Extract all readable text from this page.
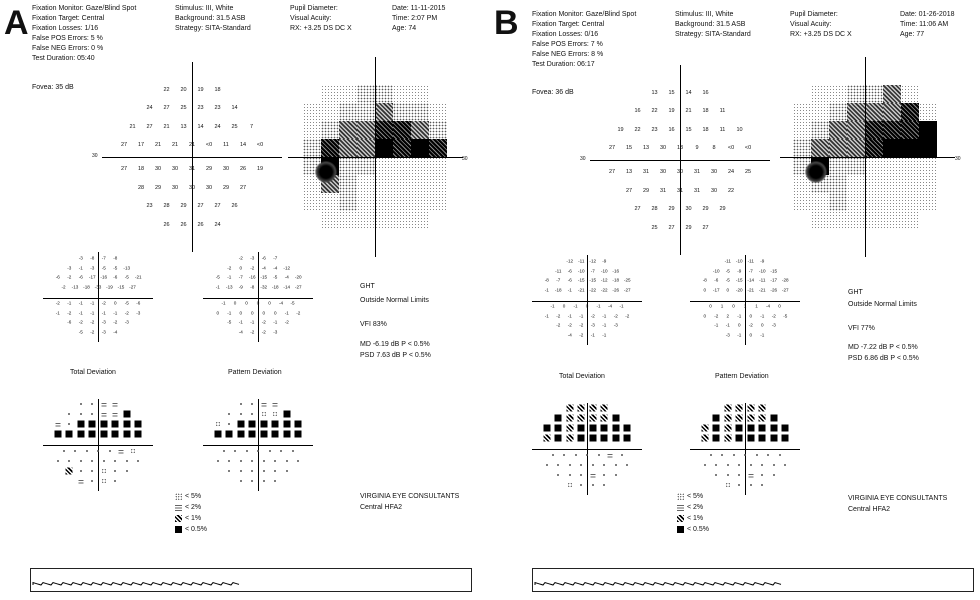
A Fixation Monitor: Gaze/Blind Spot
Fixation Target: Central
Fixation Losses: 1/16
False POS Errors: 5 %
False NEG Errors: 0 %
Test Duration: 05:40
Stimulus: III, White
Background: 31.5 ASB
Strategy: SITA-Standard
Pupil Diameter:
Visual Acuity:
RX: +3.25 DS DC X
Date: 11-11-2015
Time: 2:07 PM
Age: 74
Fovea: 35 dB
30
22 20 19 18
24 27 25 23 23 14
21 27 21 13 14 24 25 7
27 17 21 21 21 <0 11 14 <0
27 18 30 30 31 29 30 26 19
28 29 30 30 30 29 27
23 28 29 27 27 26
26 26 26 24
30
-3 -8 -7 -8
-3 -1 -3 -5 -5 -13
-6 -2 -6 -17 -16 -6 -5 -21
-2 -13 -18 -33 -19 -15 -27
-2 -1 -1 -1 -2 0 -5 -6
-1 -2 -1 -1 -1 -1 -2 -3
-6 -2 -2 -3 -2 -3
-5 -2 -3 -4
-2 -3 -6 -7
-2 0 -2 -4 -4 -12
-5 -1 -7 -16 -15 -5 -4 -20
-1 -13 -9 -8 -32 -18 -14 -27
-1 0 0 0 0 -4 -5
0 -1 0 0 0 0 -1 -2
-5 -1 -1 -2 -1 -2
-4 -2 -2 -3
Total Deviation	Pattern Deviation
GHT
Outside Normal Limits
VFI 83%
MD -6.19 dB P < 0.5%
PSD 7.63 dB P < 0.5%
< 5%
< 2%
< 1%
< 0.5%
VIRGINIA EYE CONSULTANTS
Central HFA2
B Fixation Monitor: Gaze/Blind Spot
Fixation Target: Central
Fixation Losses: 0/16
False POS Errors: 7 %
False NEG Errors: 8 %
Test Duration: 06:17
Stimulus: III, White
Background: 31.5 ASB
Strategy: SITA-Standard
Pupil Diameter:
Visual Acuity:
RX: +3.25 DS DC X
Date: 01-26-2018
Time: 11:06 AM
Age: 77
Fovea: 36 dB
30
13 15 14 16
16 22 19 21 18 11
19 22 23 16 15 18 11 10
27 15 13 30 13 9	8 <0 <0
27 13 31 30 30 31 30 24 25
27 29 31 31 31 30 22
27 28 29 30 29 29
25 27 29 27
30
-12 -11 -12 -9
-11 -6 -10 -7 -10 -16
-8 -7 -6 -15 -15 -12 -18 -25
-1 -18 -1 -21 -22 -22 -26 -27
-1 0 -1 0 -1 -4 -1
-1 -2 -1 -1 -2 -1 -2 -2
-2 -2 -2 -3 -1 -3
-4 -2 -1 -1
-11 -10 -11 -9
-10 -5 -9 -7 -10 -15
-8 -6 -5 -15 -14 -11 -17 -28
0 -17 0 -20 -21 -21 -26 -27
0 1 0 1 1 -4 0
0 -2 2 -1 0 -1 -2 -5
-1 -1 0 -2 0 -3
-3 -1 0 -1
Total Deviation	Pattern Deviation
GHT
Outside Normal Limits
VFI 77%
MD -7.22 dB P < 0.5%
PSD 6.86 dB P < 0.5%
< 5%
< 2%
< 1%
< 0.5%
VIRGINIA EYE CONSULTANTS
Central HFA2
